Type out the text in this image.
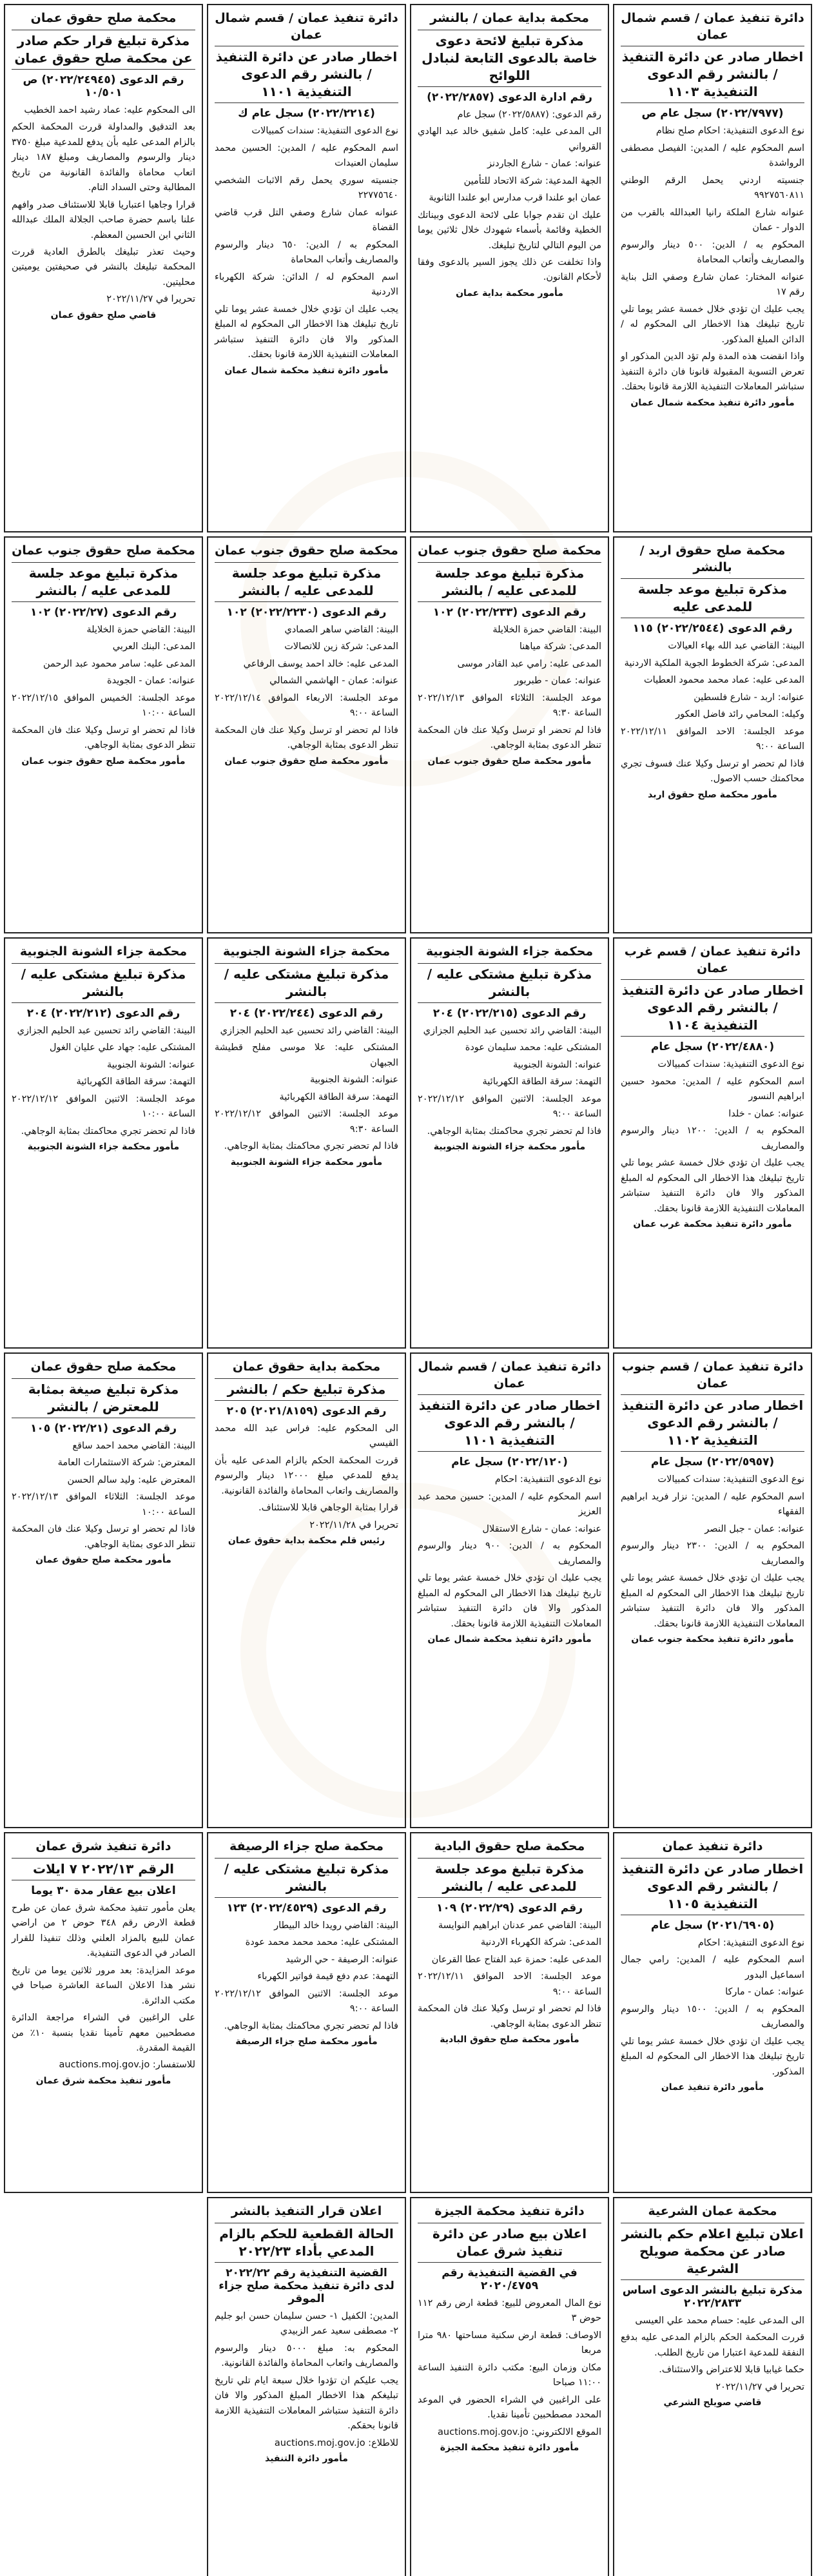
دائرة تنفيذ عمان / قسم شمال عمان
اخطار صادر عن دائرة التنفيذ / بالنشر رقم الدعوى التنفيذية ١١٠٣
(٢٠٢٢/٧٩٧٧) سجل عام ص

نوع الدعوى التنفيذية: احكام صلح نظام

اسم المحكوم عليه / المدين: الفيصل مصطفى الرواشدة

جنسيته اردني يحمل الرقم الوطني ٩٩٢٧٥٦٠٨١١

عنوانه شارع الملكة رانيا العبدالله بالقرب من الدوار - عمان

المحكوم به / الدين: ٥٠٠ دينار والرسوم والمصاريف وأتعاب المحاماة

عنوانه المختار: عمان شارع وصفي التل بناية رقم ١٧

يجب عليك ان تؤدي خلال خمسة عشر يوما تلي تاريخ تبليغك هذا الاخطار الى المحكوم له / الدائن المبلغ المذكور.

واذا انقضت هذه المدة ولم تؤد الدين المذكور او تعرض التسوية المقبولة قانونا فان دائرة التنفيذ ستباشر المعاملات التنفيذية اللازمة قانونا بحقك.

مأمور دائرة تنفيذ محكمة شمال عمان
محكمة بداية عمان / بالنشر
مذكرة تبليغ لائحة دعوى خاصة بالدعوى التابعة لنبادل اللوائح
رقم ادارة الدعوى (٢٠٢٢/٢٨٥٧)

رقم الدعوى: (٢٠٢٢/٥٨٨٧) سجل عام

الى المدعى عليه: كامل شفيق خالد عبد الهادي القرواني

عنوانه: عمان - شارع الجاردنز

الجهة المدعية: شركة الاتحاد للتأمين

عمان ابو علندا قرب مدارس ابو علندا الثانوية

عليك ان تقدم جوابا على لائحة الدعوى وبيناتك الخطية وقائمة بأسماء شهودك خلال ثلاثين يوما من اليوم التالي لتاريخ تبليغك.

واذا تخلفت عن ذلك يجوز السير بالدعوى وفقا لأحكام القانون.

مأمور محكمة بداية عمان
دائرة تنفيذ عمان / قسم شمال عمان
اخطار صادر عن دائرة التنفيذ / بالنشر رقم الدعوى التنفيذية ١١٠١
(٢٠٢٢/٢٢١٤) سجل عام ك

نوع الدعوى التنفيذية: سندات كمبيالات

اسم المحكوم عليه / المدين: الحسين محمد سليمان العنيدات

جنسيته سوري يحمل رقم الاثبات الشخصي ٢٢٧٧٥٦٤٠

عنوانه عمان شارع وصفي التل قرب قاضي القضاة

المحكوم به / الدين: ٦٥٠ دينار والرسوم والمصاريف وأتعاب المحاماة

اسم المحكوم له / الدائن: شركة الكهرباء الاردنية

يجب عليك ان تؤدي خلال خمسة عشر يوما تلي تاريخ تبليغك هذا الاخطار الى المحكوم له المبلغ المذكور والا فان دائرة التنفيذ ستباشر المعاملات التنفيذية اللازمة قانونا بحقك.

مأمور دائرة تنفيذ محكمة شمال عمان
محكمة صلح حقوق عمان
مذكرة تبليغ قرار حكم صادر عن محكمة صلح حقوق عمان
رقم الدعوى (٢٠٢٢/٢٤٩٤٥) ص ١٠/٥٠١

الى المحكوم عليه: عماد رشيد احمد الخطيب

بعد التدقيق والمداولة قررت المحكمة الحكم بالزام المدعى عليه بأن يدفع للمدعية مبلغ ٣٧٥٠ دينار والرسوم والمصاريف ومبلغ ١٨٧ دينار اتعاب محاماة والفائدة القانونية من تاريخ المطالبة وحتى السداد التام.

قرارا وجاهيا اعتباريا قابلا للاستئناف صدر وافهم علنا باسم حضرة صاحب الجلالة الملك عبدالله الثاني ابن الحسين المعظم.

وحيث تعذر تبليغك بالطرق العادية قررت المحكمة تبليغك بالنشر في صحيفتين يوميتين محليتين.

تحريرا في ٢٠٢٢/١١/٢٧

قاضي صلح حقوق عمان
محكمة صلح حقوق اربد / بالنشر
مذكرة تبليغ موعد جلسة للمدعى عليه
رقم الدعوى (٢٠٢٢/٢٥٤٤) ١١٥

البينة: القاضي عبد الله بهاء العيالات

المدعى: شركة الخطوط الجوية الملكية الاردنية

المدعى عليه: عماد محمد محمود العطيات

عنوانه: اربد - شارع فلسطين

وكيله: المحامي رائد فاضل العكور

موعد الجلسة: الاحد الموافق ٢٠٢٢/١٢/١١ الساعة ٩:٠٠

فاذا لم تحضر او ترسل وكيلا عنك فسوف تجري محاكمتك حسب الاصول.

مأمور محكمة صلح حقوق اربد
محكمة صلح حقوق جنوب عمان
مذكرة تبليغ موعد جلسة للمدعى عليه / بالنشر
رقم الدعوى (٢٠٢٢/٢٣٣) ١٠٢

البينة: القاضي حمزة الخلايلة

المدعى: شركة مياهنا

المدعى عليه: رامي عبد القادر موسى

عنوانه: عمان - طبربور

موعد الجلسة: الثلاثاء الموافق ٢٠٢٢/١٢/١٣ الساعة ٩:٣٠

فاذا لم تحضر او ترسل وكيلا عنك فان المحكمة تنظر الدعوى بمثابة الوجاهي.

مأمور محكمة صلح حقوق جنوب عمان
محكمة صلح حقوق جنوب عمان
مذكرة تبليغ موعد جلسة للمدعى عليه / بالنشر
رقم الدعوى (٢٠٢٢/٢٢٣٠) ١٠٢

البينة: القاضي ساهر الصمادي

المدعى: شركة زين للاتصالات

المدعى عليه: خالد احمد يوسف الرفاعي

عنوانه: عمان - الهاشمي الشمالي

موعد الجلسة: الاربعاء الموافق ٢٠٢٢/١٢/١٤ الساعة ٩:٠٠

فاذا لم تحضر او ترسل وكيلا عنك فان المحكمة تنظر الدعوى بمثابة الوجاهي.

مأمور محكمة صلح حقوق جنوب عمان
محكمة صلح حقوق جنوب عمان
مذكرة تبليغ موعد جلسة للمدعى عليه / بالنشر
رقم الدعوى (٢٠٢٢/٢٧) ١٠٢

البينة: القاضي حمزة الخلايلة

المدعى: البنك العربي

المدعى عليه: سامر محمود عبد الرحمن

عنوانه: عمان - الجويدة

موعد الجلسة: الخميس الموافق ٢٠٢٢/١٢/١٥ الساعة ١٠:٠٠

فاذا لم تحضر او ترسل وكيلا عنك فان المحكمة تنظر الدعوى بمثابة الوجاهي.

مأمور محكمة صلح حقوق جنوب عمان
دائرة تنفيذ عمان / قسم غرب عمان
اخطار صادر عن دائرة التنفيذ / بالنشر رقم الدعوى التنفيذية ١١٠٤
(٢٠٢٢/٤٨٨٠) سجل عام

نوع الدعوى التنفيذية: سندات كمبيالات

اسم المحكوم عليه / المدين: محمود حسين ابراهيم النسور

عنوانه: عمان - خلدا

المحكوم به / الدين: ١٢٠٠ دينار والرسوم والمصاريف

يجب عليك ان تؤدي خلال خمسة عشر يوما تلي تاريخ تبليغك هذا الاخطار الى المحكوم له المبلغ المذكور والا فان دائرة التنفيذ ستباشر المعاملات التنفيذية اللازمة قانونا بحقك.

مأمور دائرة تنفيذ محكمة غرب عمان
محكمة جزاء الشونة الجنوبية
مذكرة تبليغ مشتكى عليه / بالنشر
رقم الدعوى (٢٠٢٢/٢١٥) ٢٠٤

البينة: القاضي رائد تحسين عبد الحليم الجزازي

المشتكى عليه: محمد سليمان عودة

عنوانه: الشونة الجنوبية

التهمة: سرقة الطاقة الكهربائية

موعد الجلسة: الاثنين الموافق ٢٠٢٢/١٢/١٢ الساعة ٩:٠٠

فاذا لم تحضر تجري محاكمتك بمثابة الوجاهي.

مأمور محكمة جزاء الشونة الجنوبية
محكمة جزاء الشونة الجنوبية
مذكرة تبليغ مشتكى عليه / بالنشر
رقم الدعوى (٢٠٢٢/٢٤٤) ٢٠٤

البينة: القاضي رائد تحسين عبد الحليم الجزازي

المشتكى عليه: علا موسى مفلح قطيشة الجبهان

عنوانه: الشونة الجنوبية

التهمة: سرقة الطاقة الكهربائية

موعد الجلسة: الاثنين الموافق ٢٠٢٢/١٢/١٢ الساعة ٩:٣٠

فاذا لم تحضر تجري محاكمتك بمثابة الوجاهي.

مأمور محكمة جزاء الشونة الجنوبية
محكمة جزاء الشونة الجنوبية
مذكرة تبليغ مشتكى عليه / بالنشر
رقم الدعوى (٢٠٢٢/٢١٢) ٢٠٤

البينة: القاضي رائد تحسين عبد الحليم الجزازي

المشتكى عليه: جهاد علي عليان الغول

عنوانه: الشونة الجنوبية

التهمة: سرقة الطاقة الكهربائية

موعد الجلسة: الاثنين الموافق ٢٠٢٢/١٢/١٢ الساعة ١٠:٠٠

فاذا لم تحضر تجري محاكمتك بمثابة الوجاهي.

مأمور محكمة جزاء الشونة الجنوبية
دائرة تنفيذ عمان / قسم جنوب عمان
اخطار صادر عن دائرة التنفيذ / بالنشر رقم الدعوى التنفيذية ١١٠٢
(٢٠٢٢/٥٩٥٧) سجل عام

نوع الدعوى التنفيذية: سندات كمبيالات

اسم المحكوم عليه / المدين: نزار فريد ابراهيم الفقهاء

عنوانه: عمان - جبل النصر

المحكوم به / الدين: ٢٣٠٠ دينار والرسوم والمصاريف

يجب عليك ان تؤدي خلال خمسة عشر يوما تلي تاريخ تبليغك هذا الاخطار الى المحكوم له المبلغ المذكور والا فان دائرة التنفيذ ستباشر المعاملات التنفيذية اللازمة قانونا بحقك.

مأمور دائرة تنفيذ محكمة جنوب عمان
دائرة تنفيذ عمان / قسم شمال عمان
اخطار صادر عن دائرة التنفيذ / بالنشر رقم الدعوى التنفيذية ١١٠١
(٢٠٢٢/١٢٠) سجل عام

نوع الدعوى التنفيذية: احكام

اسم المحكوم عليه / المدين: حسين محمد عبد العزيز

عنوانه: عمان - شارع الاستقلال

المحكوم به / الدين: ٩٠٠ دينار والرسوم والمصاريف

يجب عليك ان تؤدي خلال خمسة عشر يوما تلي تاريخ تبليغك هذا الاخطار الى المحكوم له المبلغ المذكور والا فان دائرة التنفيذ ستباشر المعاملات التنفيذية اللازمة قانونا بحقك.

مأمور دائرة تنفيذ محكمة شمال عمان
محكمة بداية حقوق عمان
مذكرة تبليغ حكم / بالنشر
رقم الدعوى (٢٠٢١/٨١٥٩) ٢٠٥

الى المحكوم عليه: فراس عبد الله محمد القيسي

قررت المحكمة الحكم بالزام المدعى عليه بأن يدفع للمدعي مبلغ ١٢٠٠٠ دينار والرسوم والمصاريف واتعاب المحاماة والفائدة القانونية.

قرارا بمثابة الوجاهي قابلا للاستئناف.

تحريرا في ٢٠٢٢/١١/٢٨

رئيس قلم محكمة بداية حقوق عمان
محكمة صلح حقوق عمان
مذكرة تبليغ صيغة بمثابة للمعترض / بالنشر
رقم الدعوى (٢٠٢٢/٢١) ١٠٥

البينة: القاضي محمد احمد ساقع

المعترض: شركة الاستثمارات العامة

المعترض عليه: وليد سالم الحسن

موعد الجلسة: الثلاثاء الموافق ٢٠٢٢/١٢/١٣ الساعة ١٠:٠٠

فاذا لم تحضر او ترسل وكيلا عنك فان المحكمة تنظر الدعوى بمثابة الوجاهي.

مأمور محكمة صلح حقوق عمان
دائرة تنفيذ عمان
اخطار صادر عن دائرة التنفيذ / بالنشر رقم الدعوى التنفيذية ١١٠٥
(٢٠٢١/٦٩٠٥) سجل عام

نوع الدعوى التنفيذية: احكام

اسم المحكوم عليه / المدين: رامي جمال اسماعيل البدور

عنوانه: عمان - ماركا

المحكوم به / الدين: ١٥٠٠ دينار والرسوم والمصاريف

يجب عليك ان تؤدي خلال خمسة عشر يوما تلي تاريخ تبليغك هذا الاخطار الى المحكوم له المبلغ المذكور.

مأمور دائرة تنفيذ عمان
محكمة صلح حقوق البادية
مذكرة تبليغ موعد جلسة للمدعى عليه / بالنشر
رقم الدعوى (٢٠٢٢/٢٩) ١٠٩

البينة: القاضي عمر عدنان ابراهيم النوايسة

المدعى: شركة الكهرباء الاردنية

المدعى عليه: حمزة عبد الفتاح عطا القرعان

موعد الجلسة: الاحد الموافق ٢٠٢٢/١٢/١١ الساعة ٩:٠٠

فاذا لم تحضر او ترسل وكيلا عنك فان المحكمة تنظر الدعوى بمثابة الوجاهي.

مأمور محكمة صلح حقوق البادية
محكمة صلح جزاء الرصيفة
مذكرة تبليغ مشتكى عليه / بالنشر
رقم الدعوى (٢٠٢٢/٤٥٢٩) ١٢٣

البينة: القاضي رويدا خالد البيطار

المشتكى عليه: محمد محمد محمد عودة

عنوانه: الرصيفة - حي الرشيد

التهمة: عدم دفع قيمة فواتير الكهرباء

موعد الجلسة: الاثنين الموافق ٢٠٢٢/١٢/١٢ الساعة ٩:٠٠

فاذا لم تحضر تجري محاكمتك بمثابة الوجاهي.

مأمور محكمة صلح جزاء الرصيفة
دائرة تنفيذ شرق عمان
الرقم ٢٠٢٢/١٣ ٧ ايلات
اعلان بيع عقار مدة ٣٠ يوما

يعلن مأمور تنفيذ محكمة شرق عمان عن طرح قطعة الارض رقم ٣٤٨ حوض ٢ من اراضي عمان للبيع بالمزاد العلني وذلك تنفيذا للقرار الصادر في الدعوى التنفيذية.

موعد المزايدة: بعد مرور ثلاثين يوما من تاريخ نشر هذا الاعلان الساعة العاشرة صباحا في مكتب الدائرة.

على الراغبين في الشراء مراجعة الدائرة مصطحبين معهم تأمينا نقديا بنسبة ١٠٪ من القيمة المقدرة.

للاستفسار: auctions.moj.gov.jo

مأمور تنفيذ محكمة شرق عمان
محكمة عمان الشرعية
اعلان تبليغ اعلام حكم بالنشر صادر عن محكمة صويلح الشرعية
مذكرة تبليغ بالنشر الدعوى اساس ٢٠٢٢/٢٨٣٣

الى المدعى عليه: حسام محمد علي العيسى

قررت المحكمة الحكم بالزام المدعى عليه بدفع النفقة للمدعية اعتبارا من تاريخ الطلب.

حكما غيابيا قابلا للاعتراض والاستئناف.

تحريرا في ٢٠٢٢/١١/٢٧

قاضي صويلح الشرعي
دائرة تنفيذ محكمة الجيزة
اعلان بيع صادر عن دائرة تنفيذ شرق عمان
في القضية التنفيذية رقم ٢٠٢٠/٤٧٥٩

نوع المال المعروض للبيع: قطعة ارض رقم ١١٢ حوض ٣

الاوصاف: قطعة ارض سكنية مساحتها ٩٨٠ مترا مربعا

مكان وزمان البيع: مكتب دائرة التنفيذ الساعة ١١:٠٠ صباحا

على الراغبين في الشراء الحضور في الموعد المحدد مصطحبين تأمينا نقديا.

الموقع الالكتروني: auctions.moj.gov.jo

مأمور دائرة تنفيذ محكمة الجيزة
اعلان قرار التنفيذ بالنشر
الحالة القطعية للحكم بالزام المدعي بأداء ٢٠٢٢/٢٣
القضية التنفيذية رقم ٢٠٢٢/٢٢ لدى دائرة تنفيذ محكمة صلح جزاء الموقر

المدين: الكفيل ١- حسن سليمان حسن ابو جليم ٢- مصطفى سعيد عمر الزبيدي

المحكوم به: مبلغ ٥٠٠٠ دينار والرسوم والمصاريف واتعاب المحاماة والفائدة القانونية.

يجب عليكم ان تؤدوا خلال سبعة ايام تلي تاريخ تبليغكم هذا الاخطار المبلغ المذكور والا فان دائرة التنفيذ ستباشر المعاملات التنفيذية اللازمة قانونا بحقكم.

للاطلاع: auctions.moj.gov.jo

مأمور دائرة التنفيذ
